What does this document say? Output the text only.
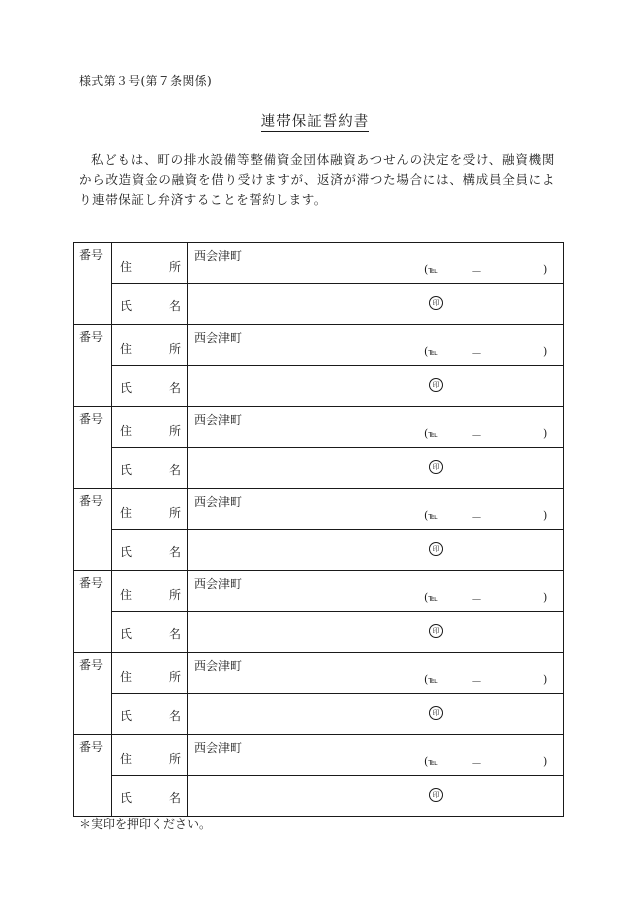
様式第３号(第７条関係)
連帯保証誓約書
私どもは、町の排水設備等整備資金団体融資あつせんの決定を受け、融資機関から改造資金の融資を借り受けますが、返済が滞つた場合には、構成員全員により連帯保証し弁済することを誓約します。
番号	住 所	西会津町
(℡ － )

	氏 名	印

番号	住 所	西会津町
(℡ － )

	氏 名	印

番号	住 所	西会津町
(℡ － )

	氏 名	印

番号	住 所	西会津町
(℡ － )

	氏 名	印

番号	住 所	西会津町
(℡ － )

	氏 名	印

番号	住 所	西会津町
(℡ － )

	氏 名	印

番号	住 所	西会津町
(℡ － )

	氏 名	印
＊実印を押印ください。
